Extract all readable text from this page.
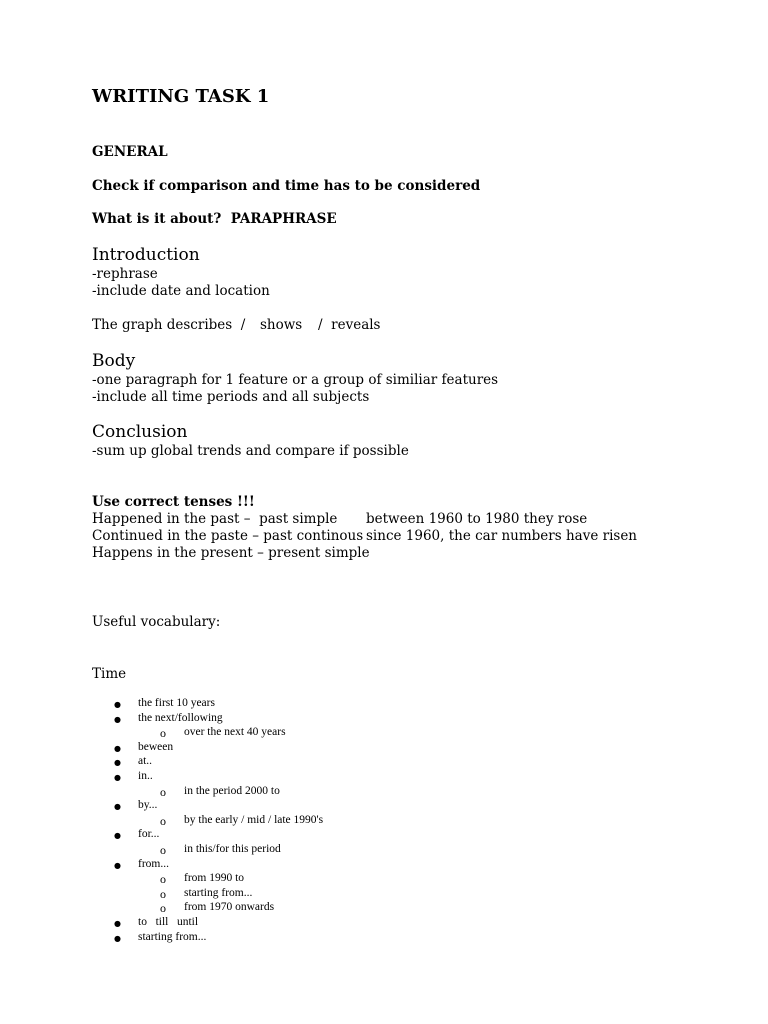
WRITING TASK 1
GENERAL
Check if comparison and time has to be considered
What is it about?  PARAPHRASE
Introduction
-rephrase
-include date and location
The graph describes  / shows /  reveals
Body
-one paragraph for 1 feature or a group of similiar features
-include all time periods and all subjects
Conclusion
-sum up global trends and compare if possible
Use correct tenses !!!
Happened in the past –  past simple between 1960 to 1980 they rose
Continued in the paste – past continous since 1960, the car numbers have risen
Happens in the present – present simple
Useful vocabulary:
Time
● the first 10 years
● the next/following
o over the next 40 years
● beween
● at..
● in..
o in the period 2000 to
● by...
o by the early / mid / late 1990's
● for...
o in this/for this period
● from...
o from 1990 to
o starting from...
o from 1970 onwards
● to   till   until
● starting from...
